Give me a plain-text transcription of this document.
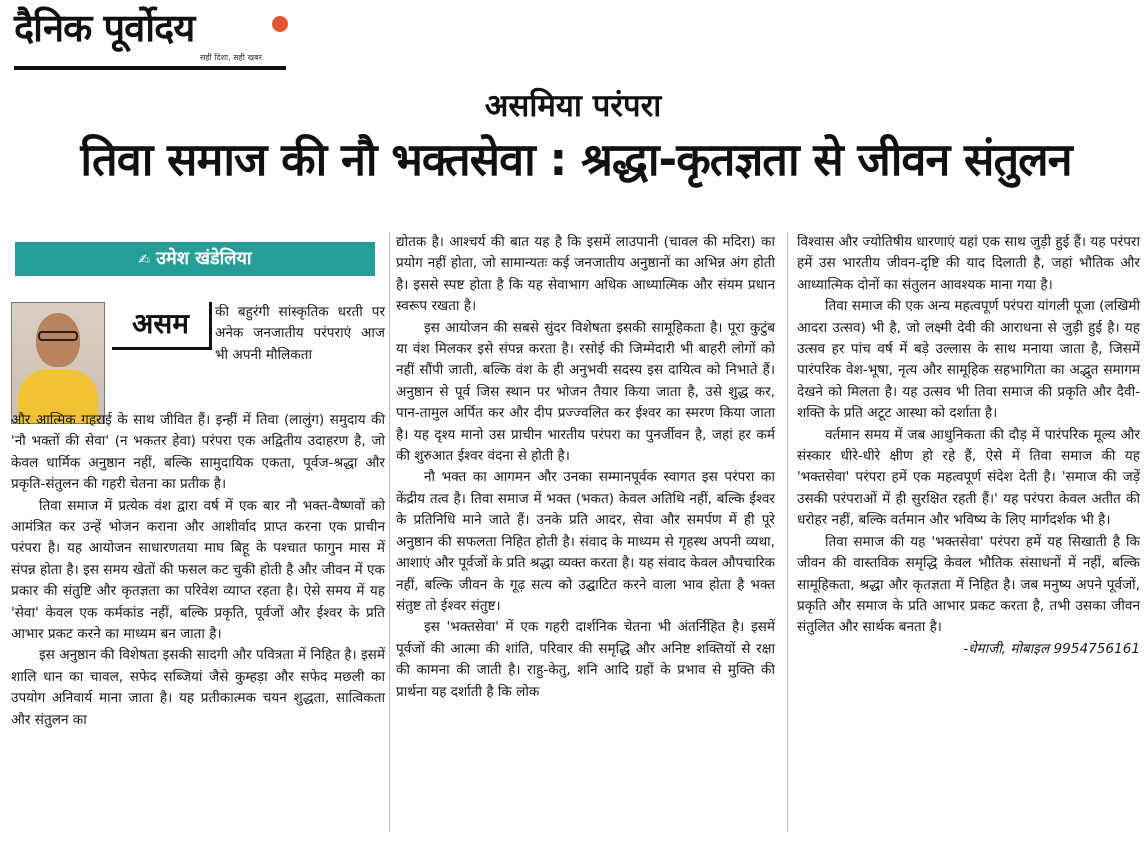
दैनिक पूर्वोदय
सही दिशा, सही खबर
असमिया परंपरा
तिवा समाज की नौ भक्तसेवा : श्रद्धा-कृतज्ञता से जीवन संतुलन
✍ उमेश खंडेलिया
असम	की बहुरंगी सांस्कृतिक धरती पर अनेक जनजातीय परंपराएं आज भी अपनी मौलिकता

और आत्मिक गहराई के साथ जीवित हैं। इन्हीं में तिवा (लालुंग) समुदाय की 'नौ भक्तों की सेवा' (न भकतर हेवा) परंपरा एक अद्वितीय उदाहरण है, जो केवल धार्मिक अनुष्ठान नहीं, बल्कि सामुदायिक एकता, पूर्वज-श्रद्धा और प्रकृति-संतुलन की गहरी चेतना का प्रतीक है।

तिवा समाज में प्रत्येक वंश द्वारा वर्ष में एक बार नौ भक्त-वैष्णवों को आमंत्रित कर उन्हें भोजन कराना और आशीर्वाद प्राप्त करना एक प्राचीन परंपरा है। यह आयोजन साधारणतया माघ बिहू के पश्चात फागुन मास में संपन्न होता है। इस समय खेतों की फसल कट चुकी होती है और जीवन में एक प्रकार की संतुष्टि और कृतज्ञता का परिवेश व्याप्त रहता है। ऐसे समय में यह 'सेवा' केवल एक कर्मकांड नहीं, बल्कि प्रकृति, पूर्वजों और ईश्वर के प्रति आभार प्रकट करने का माध्यम बन जाता है।

इस अनुष्ठान की विशेषता इसकी सादगी और पवित्रता में निहित है। इसमें शालि धान का चावल, सफेद सब्जियां जैसे कुम्हड़ा और सफेद मछली का उपयोग अनिवार्य माना जाता है। यह प्रतीकात्मक चयन शुद्धता, सात्विकता और संतुलन का

द्योतक है। आश्चर्य की बात यह है कि इसमें लाउपानी (चावल की मदिरा) का प्रयोग नहीं होता, जो सामान्यतः कई जनजातीय अनुष्ठानों का अभिन्न अंग होती है। इससे स्पष्ट होता है कि यह सेवाभाग अधिक आध्यात्मिक और संयम प्रधान स्वरूप रखता है।

इस आयोजन की सबसे सुंदर विशेषता इसकी सामूहिकता है। पूरा कुटुंब या वंश मिलकर इसे संपन्न करता है। रसोई की जिम्मेदारी भी बाहरी लोगों को नहीं सौंपी जाती, बल्कि वंश के ही अनुभवी सदस्य इस दायित्व को निभाते हैं। अनुष्ठान से पूर्व जिस स्थान पर भोजन तैयार किया जाता है, उसे शुद्ध कर, पान-तामुल अर्पित कर और दीप प्रज्ज्वलित कर ईश्वर का स्मरण किया जाता है। यह दृश्य मानो उस प्राचीन भारतीय परंपरा का पुनर्जीवन है, जहां हर कर्म की शुरुआत ईश्वर वंदना से होती है।

नौ भक्त का आगमन और उनका सम्मानपूर्वक स्वागत इस परंपरा का केंद्रीय तत्व है। तिवा समाज में भक्त (भकत) केवल अतिथि नहीं, बल्कि ईश्वर के प्रतिनिधि माने जाते हैं। उनके प्रति आदर, सेवा और समर्पण में ही पूरे अनुष्ठान की सफलता निहित होती है। संवाद के माध्यम से गृहस्थ अपनी व्यथा, आशाएं और पूर्वजों के प्रति श्रद्धा व्यक्त करता है। यह संवाद केवल औपचारिक नहीं, बल्कि जीवन के गूढ़ सत्य को उद्घाटित करने वाला भाव होता है भक्त संतुष्ट तो ईश्वर संतुष्ट।

इस 'भक्तसेवा' में एक गहरी दार्शनिक चेतना भी अंतर्निहित है। इसमें पूर्वजों की आत्मा की शांति, परिवार की समृद्धि और अनिष्ट शक्तियों से रक्षा की कामना की जाती है। राहु-केतु, शनि आदि ग्रहों के प्रभाव से मुक्ति की प्रार्थना यह दर्शाती है कि लोक

विश्वास और ज्योतिषीय धारणाएं यहां एक साथ जुड़ी हुई हैं। यह परंपरा हमें उस भारतीय जीवन-दृष्टि की याद दिलाती है, जहां भौतिक और आध्यात्मिक दोनों का संतुलन आवश्यक माना गया है।

तिवा समाज की एक अन्य महत्वपूर्ण परंपरा यांगली पूजा (लखिमी आदरा उत्सव) भी है, जो लक्ष्मी देवी की आराधना से जुड़ी हुई है। यह उत्सव हर पांच वर्ष में बड़े उल्लास के साथ मनाया जाता है, जिसमें पारंपरिक वेश-भूषा, नृत्य और सामूहिक सहभागिता का अद्भुत समागम देखने को मिलता है। यह उत्सव भी तिवा समाज की प्रकृति और दैवी-शक्ति के प्रति अटूट आस्था को दर्शाता है।

वर्तमान समय में जब आधुनिकता की दौड़ में पारंपरिक मूल्य और संस्कार धीरे-धीरे क्षीण हो रहे हैं, ऐसे में तिवा समाज की यह 'भक्तसेवा' परंपरा हमें एक महत्वपूर्ण संदेश देती है। 'समाज की जड़ें उसकी परंपराओं में ही सुरक्षित रहती हैं।' यह परंपरा केवल अतीत की धरोहर नहीं, बल्कि वर्तमान और भविष्य के लिए मार्गदर्शक भी है।

तिवा समाज की यह 'भक्तसेवा' परंपरा हमें यह सिखाती है कि जीवन की वास्तविक समृद्धि केवल भौतिक संसाधनों में नहीं, बल्कि सामूहिकता, श्रद्धा और कृतज्ञता में निहित है। जब मनुष्य अपने पूर्वजों, प्रकृति और समाज के प्रति आभार प्रकट करता है, तभी उसका जीवन संतुलित और सार्थक बनता है।

-धेमाजी, मोबाइल 9954756161
